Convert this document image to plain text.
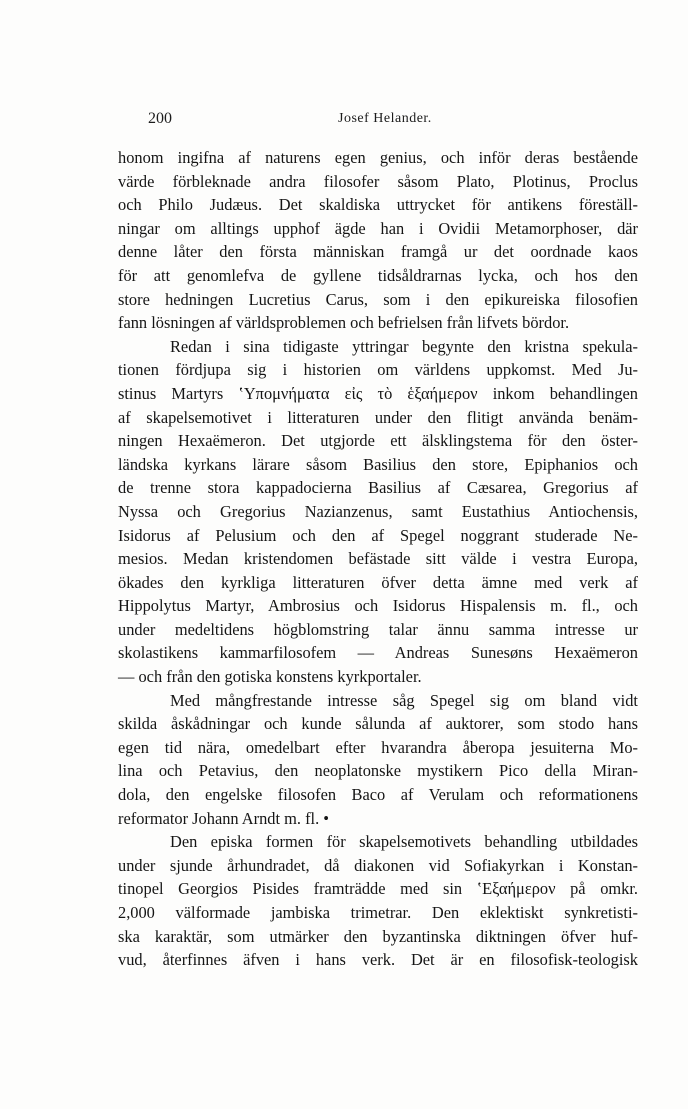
200	Josef Helander.

honom ingifna af naturens egen genius, och inför deras bestående
värde förbleknade andra filosofer såsom Plato, Plotinus, Proclus
och Philo Judæus. Det skaldiska uttrycket för antikens föreställ-
ningar om alltings upphof ägde han i Ovidii Metamorphoser, där
denne låter den första människan framgå ur det oordnade kaos
för att genomlefva de gyllene tidsåldrarnas lycka, och hos den
store hedningen Lucretius Carus, som i den epikureiska filosofien
fann lösningen af världsproblemen och befrielsen från lifvets bördor.

Redan i sina tidigaste yttringar begynte den kristna spekula-
tionen fördjupa sig i historien om världens uppkomst. Med Ju-
stinus Martyrs ʽΥπομνήματα εἰς τὸ ἑξαήμερον inkom behandlingen
af skapelsemotivet i litteraturen under den flitigt använda benäm-
ningen Hexaëmeron. Det utgjorde ett älsklingstema för den öster-
ländska kyrkans lärare såsom Basilius den store, Epiphanios och
de trenne stora kappadocierna Basilius af Cæsarea, Gregorius af
Nyssa och Gregorius Nazianzenus, samt Eustathius Antiochensis,
Isidorus af Pelusium och den af Spegel noggrant studerade Ne-
mesios. Medan kristendomen befästade sitt välde i vestra Europa,
ökades den kyrkliga litteraturen öfver detta ämne med verk af
Hippolytus Martyr, Ambrosius och Isidorus Hispalensis m. fl., och
under medeltidens högblomstring talar ännu samma intresse ur
skolastikens kammarfilosofem — Andreas Sunesøns Hexaëmeron
— och från den gotiska konstens kyrkportaler.

Med mångfrestande intresse såg Spegel sig om bland vidt
skilda åskådningar och kunde sålunda af auktorer, som stodo hans
egen tid nära, omedelbart efter hvarandra åberopa jesuiterna Mo-
lina och Petavius, den neoplatonske mystikern Pico della Miran-
dola, den engelske filosofen Baco af Verulam och reformationens
reformator Johann Arndt m. fl. •

Den episka formen för skapelsemotivets behandling utbildades
under sjunde århundradet, då diakonen vid Sofiakyrkan i Konstan-
tinopel Georgios Pisides framträdde med sin ʽΕξαήμερον på omkr.
2,000 välformade jambiska trimetrar. Den eklektiskt synkretisti-
ska karaktär, som utmärker den byzantinska diktningen öfver huf-
vud, återfinnes äfven i hans verk. Det är en filosofisk-teologisk
